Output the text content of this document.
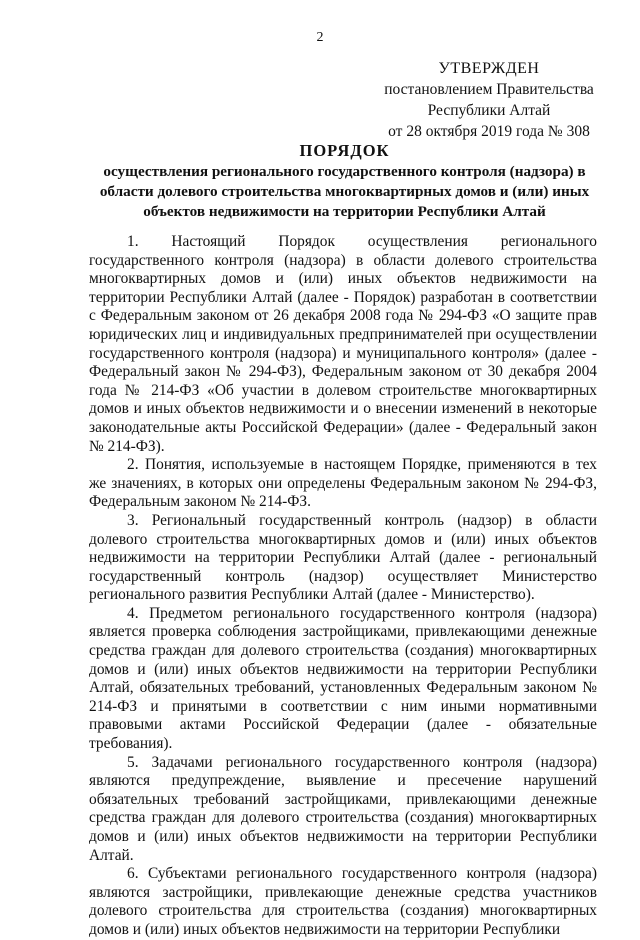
2
УТВЕРЖДЕН
постановлением Правительства
Республики Алтай
от 28 октября 2019 года № 308
ПОРЯДОК
осуществления регионального государственного контроля (надзора) в области долевого строительства многоквартирных домов и (или) иных объектов недвижимости на территории Республики Алтай

1. Настоящий Порядок осуществления регионального государственного контроля (надзора) в области долевого строительства многоквартирных домов и (или) иных объектов недвижимости на территории Республики Алтай (далее - Порядок) разработан в соответствии с Федеральным законом от 26 декабря 2008 года № 294-ФЗ «О защите прав юридических лиц и индивидуальных предпринимателей при осуществлении государственного контроля (надзора) и муниципального контроля» (далее - Федеральный закон № 294-ФЗ), Федеральным законом от 30 декабря 2004 года № 214-ФЗ «Об участии в долевом строительстве многоквартирных домов и иных объектов недвижимости и о внесении изменений в некоторые законодательные акты Российской Федерации» (далее - Федеральный закон № 214-ФЗ).

2. Понятия, используемые в настоящем Порядке, применяются в тех же значениях, в которых они определены Федеральным законом № 294-ФЗ, Федеральным законом № 214-ФЗ.

3. Региональный государственный контроль (надзор) в области долевого строительства многоквартирных домов и (или) иных объектов недвижимости на территории Республики Алтай (далее - региональный государственный контроль (надзор) осуществляет Министерство регионального развития Республики Алтай (далее - Министерство).

4. Предметом регионального государственного контроля (надзора) является проверка соблюдения застройщиками, привлекающими денежные средства граждан для долевого строительства (создания) многоквартирных домов и (или) иных объектов недвижимости на территории Республики Алтай, обязательных требований, установленных Федеральным законом № 214-ФЗ и принятыми в соответствии с ним иными нормативными правовыми актами Российской Федерации (далее - обязательные требования).

5. Задачами регионального государственного контроля (надзора) являются предупреждение, выявление и пресечение нарушений обязательных требований застройщиками, привлекающими денежные средства граждан для долевого строительства (создания) многоквартирных домов и (или) иных объектов недвижимости на территории Республики Алтай.

6. Субъектами регионального государственного контроля (надзора) являются застройщики, привлекающие денежные средства участников долевого строительства для строительства (создания) многоквартирных домов и (или) иных объектов недвижимости на территории Республики
